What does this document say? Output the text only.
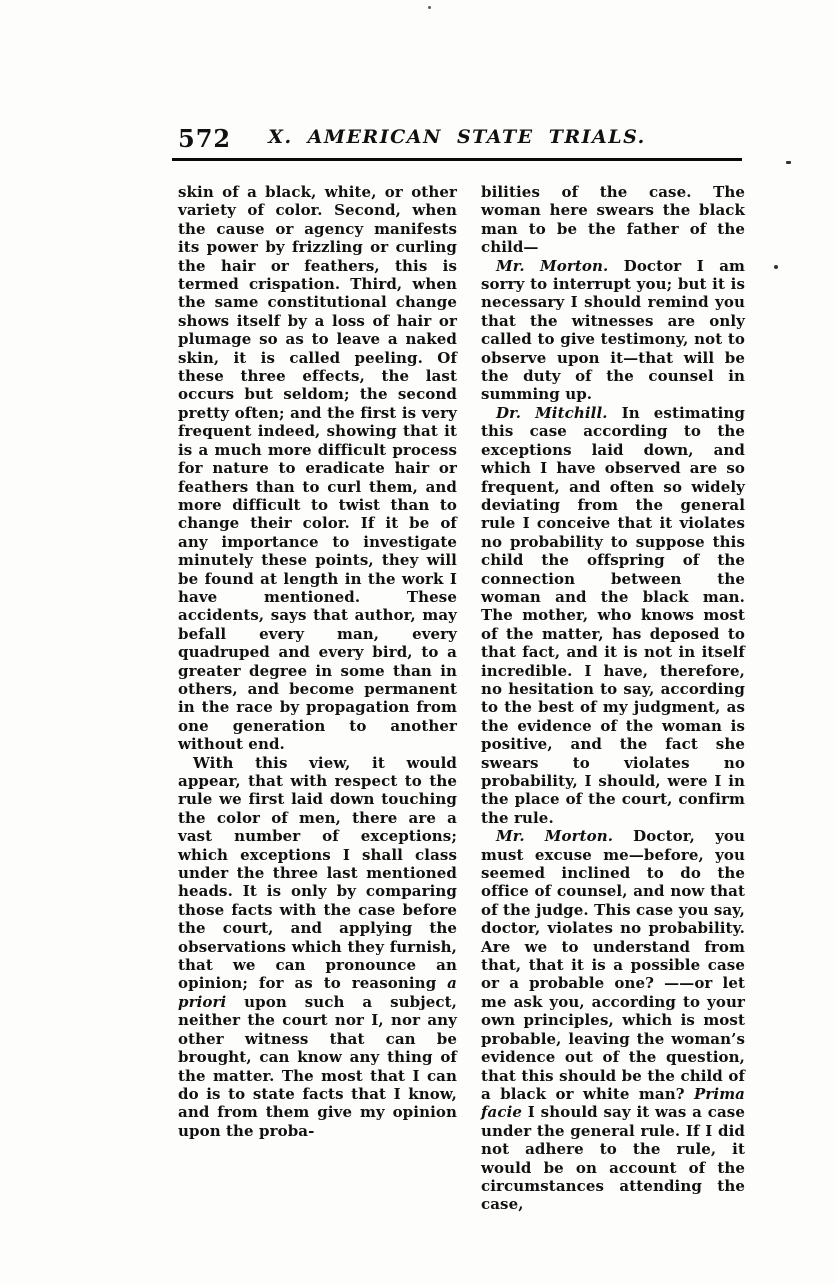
572	X. AMERICAN STATE TRIALS.

skin of a black, white, or other variety of color. Second, when the cause or agency manifests its power by frizzling or curling the hair or feathers, this is termed crispation. Third, when the same constitutional change shows itself by a loss of hair or plumage so as to leave a naked skin, it is called peeling. Of these three effects, the last occurs but seldom; the second pretty often; and the first is very frequent indeed, showing that it is a much more difficult process for nature to eradicate hair or feathers than to curl them, and more difficult to twist than to change their color. If it be of any importance to investigate minutely these points, they will be found at length in the work I have mentioned. These accidents, says that author, may befall every man, every quadruped and every bird, to a greater degree in some than in others, and become permanent in the race by propagation from one generation to another without end.

With this view, it would appear, that with respect to the rule we first laid down touching the color of men, there are a vast number of exceptions; which exceptions I shall class under the three last mentioned heads. It is only by comparing those facts with the case before the court, and applying the observations which they furnish, that we can pronounce an opinion; for as to reasoning a priori upon such a subject, neither the court nor I, nor any other witness that can be brought, can know any thing of the matter. The most that I can do is to state facts that I know, and from them give my opinion upon the proba-

bilities of the case. The woman here swears the black man to be the father of the child—

Mr. Morton. Doctor I am sorry to interrupt you; but it is necessary I should remind you that the witnesses are only called to give testimony, not to observe upon it—that will be the duty of the counsel in summing up.

Dr. Mitchill. In estimating this case according to the exceptions laid down, and which I have observed are so frequent, and often so widely deviating from the general rule I conceive that it violates no probability to suppose this child the offspring of the connection between the woman and the black man. The mother, who knows most of the matter, has deposed to that fact, and it is not in itself incredible. I have, therefore, no hesitation to say, according to the best of my judgment, as the evidence of the woman is positive, and the fact she swears to violates no probability, I should, were I in the place of the court, confirm the rule.

Mr. Morton. Doctor, you must excuse me—before, you seemed inclined to do the office of counsel, and now that of the judge. This case you say, doctor, violates no probability. Are we to understand from that, that it is a possible case or a probable one? ——or let me ask you, according to your own principles, which is most probable, leaving the woman’s evidence out of the question, that this should be the child of a black or white man? Prima facie I should say it was a case under the general rule. If I did not adhere to the rule, it would be on account of the circumstances attending the case,
